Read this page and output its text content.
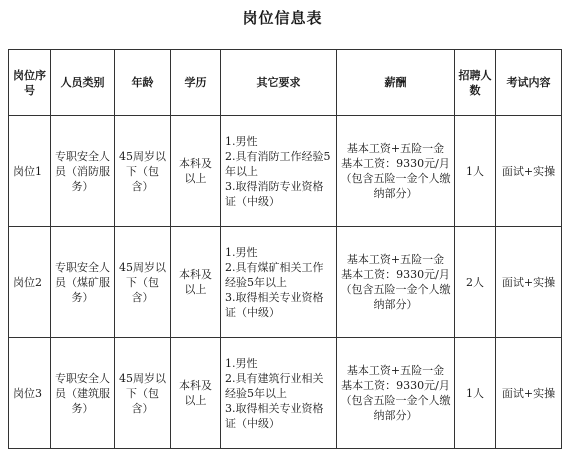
岗位信息表
岗位序号	人员类别	年龄	学历	其它要求	薪酬	招聘人数	考试内容
岗位1	专职安全人员（消防服务）	45周岁以下（包含）	本科及以上	1.男性
2.具有消防工作经验5年以上
3.取得消防专业资格证（中级）	基本工资+五险一金
基本工资：9330元/月
（包含五险一金个人缴纳部分）	1人	面试+实操
岗位2	专职安全人员（煤矿服务）	45周岁以下（包含）	本科及以上	1.男性
2.具有煤矿相关工作经验5年以上
3.取得相关专业资格证（中级）	基本工资+五险一金
基本工资：9330元/月
（包含五险一金个人缴纳部分）	2人	面试+实操
岗位3	专职安全人员（建筑服务）	45周岁以下（包含）	本科及以上	1.男性
2.具有建筑行业相关经验5年以上
3.取得相关专业资格证（中级）	基本工资+五险一金
基本工资：9330元/月
（包含五险一金个人缴纳部分）	1人	面试+实操
